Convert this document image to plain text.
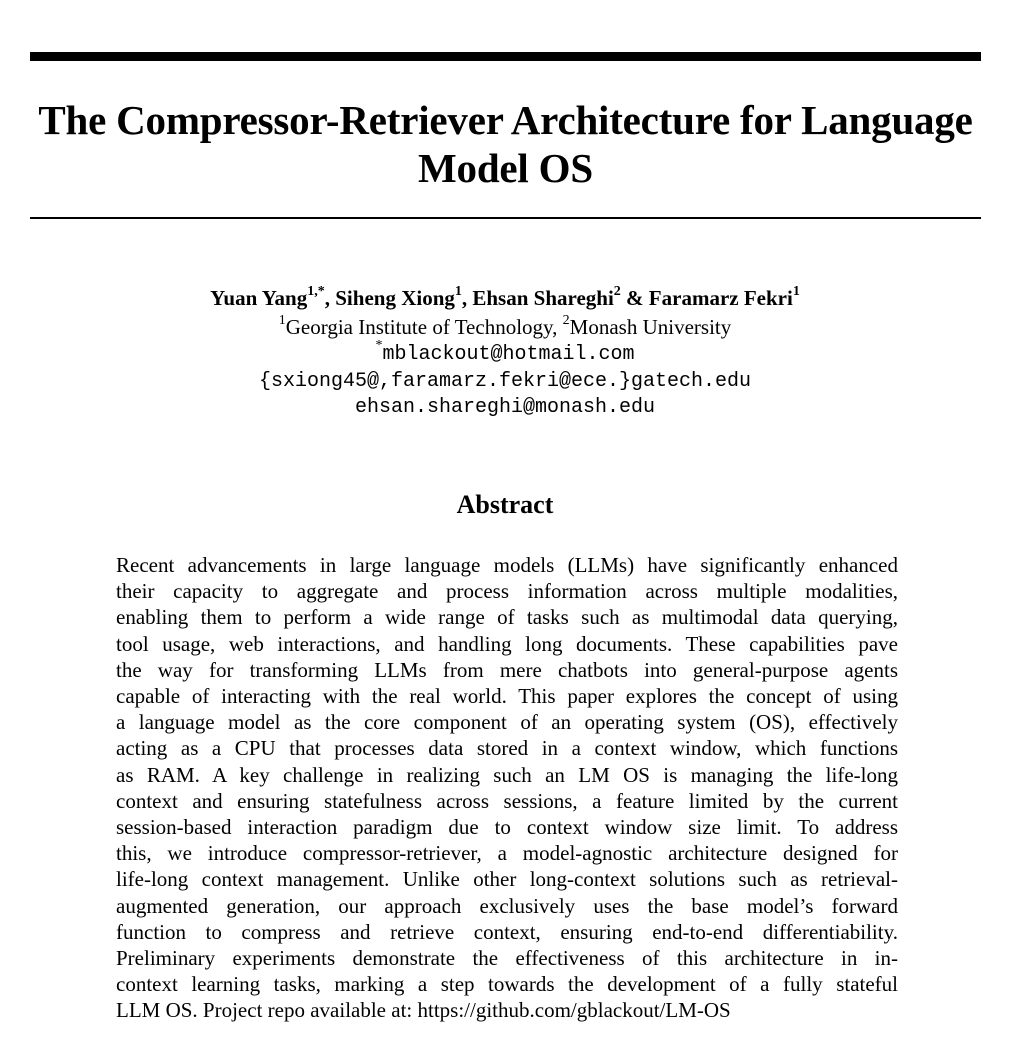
The Compressor-Retriever Architecture for Language
Model OS
Yuan Yang$^{1,*}$, Siheng Xiong$^1$, Ehsan Shareghi$^2$ & Faramarz Fekri$^1$
$^1$Georgia Institute of Technology, $^2$Monash University
*mblackout@hotmail.com
{sxiong45@,faramarz.fekri@ece.}gatech.edu
ehsan.shareghi@monash.edu
Abstract
Recent advancements in large language models (LLMs) have significantly enhanced
their capacity to aggregate and process information across multiple modalities,
enabling them to perform a wide range of tasks such as multimodal data querying,
tool usage, web interactions, and handling long documents. These capabilities pave
the way for transforming LLMs from mere chatbots into general-purpose agents
capable of interacting with the real world. This paper explores the concept of using
a language model as the core component of an operating system (OS), effectively
acting as a CPU that processes data stored in a context window, which functions
as RAM. A key challenge in realizing such an LM OS is managing the life-long
context and ensuring statefulness across sessions, a feature limited by the current
session-based interaction paradigm due to context window size limit. To address
this, we introduce compressor-retriever, a model-agnostic architecture designed for
life-long context management. Unlike other long-context solutions such as retrieval-
augmented generation, our approach exclusively uses the base model’s forward
function to compress and retrieve context, ensuring end-to-end differentiability.
Preliminary experiments demonstrate the effectiveness of this architecture in in-
context learning tasks, marking a step towards the development of a fully stateful
LLM OS. Project repo available at: https://github.com/gblackout/LM-OS
